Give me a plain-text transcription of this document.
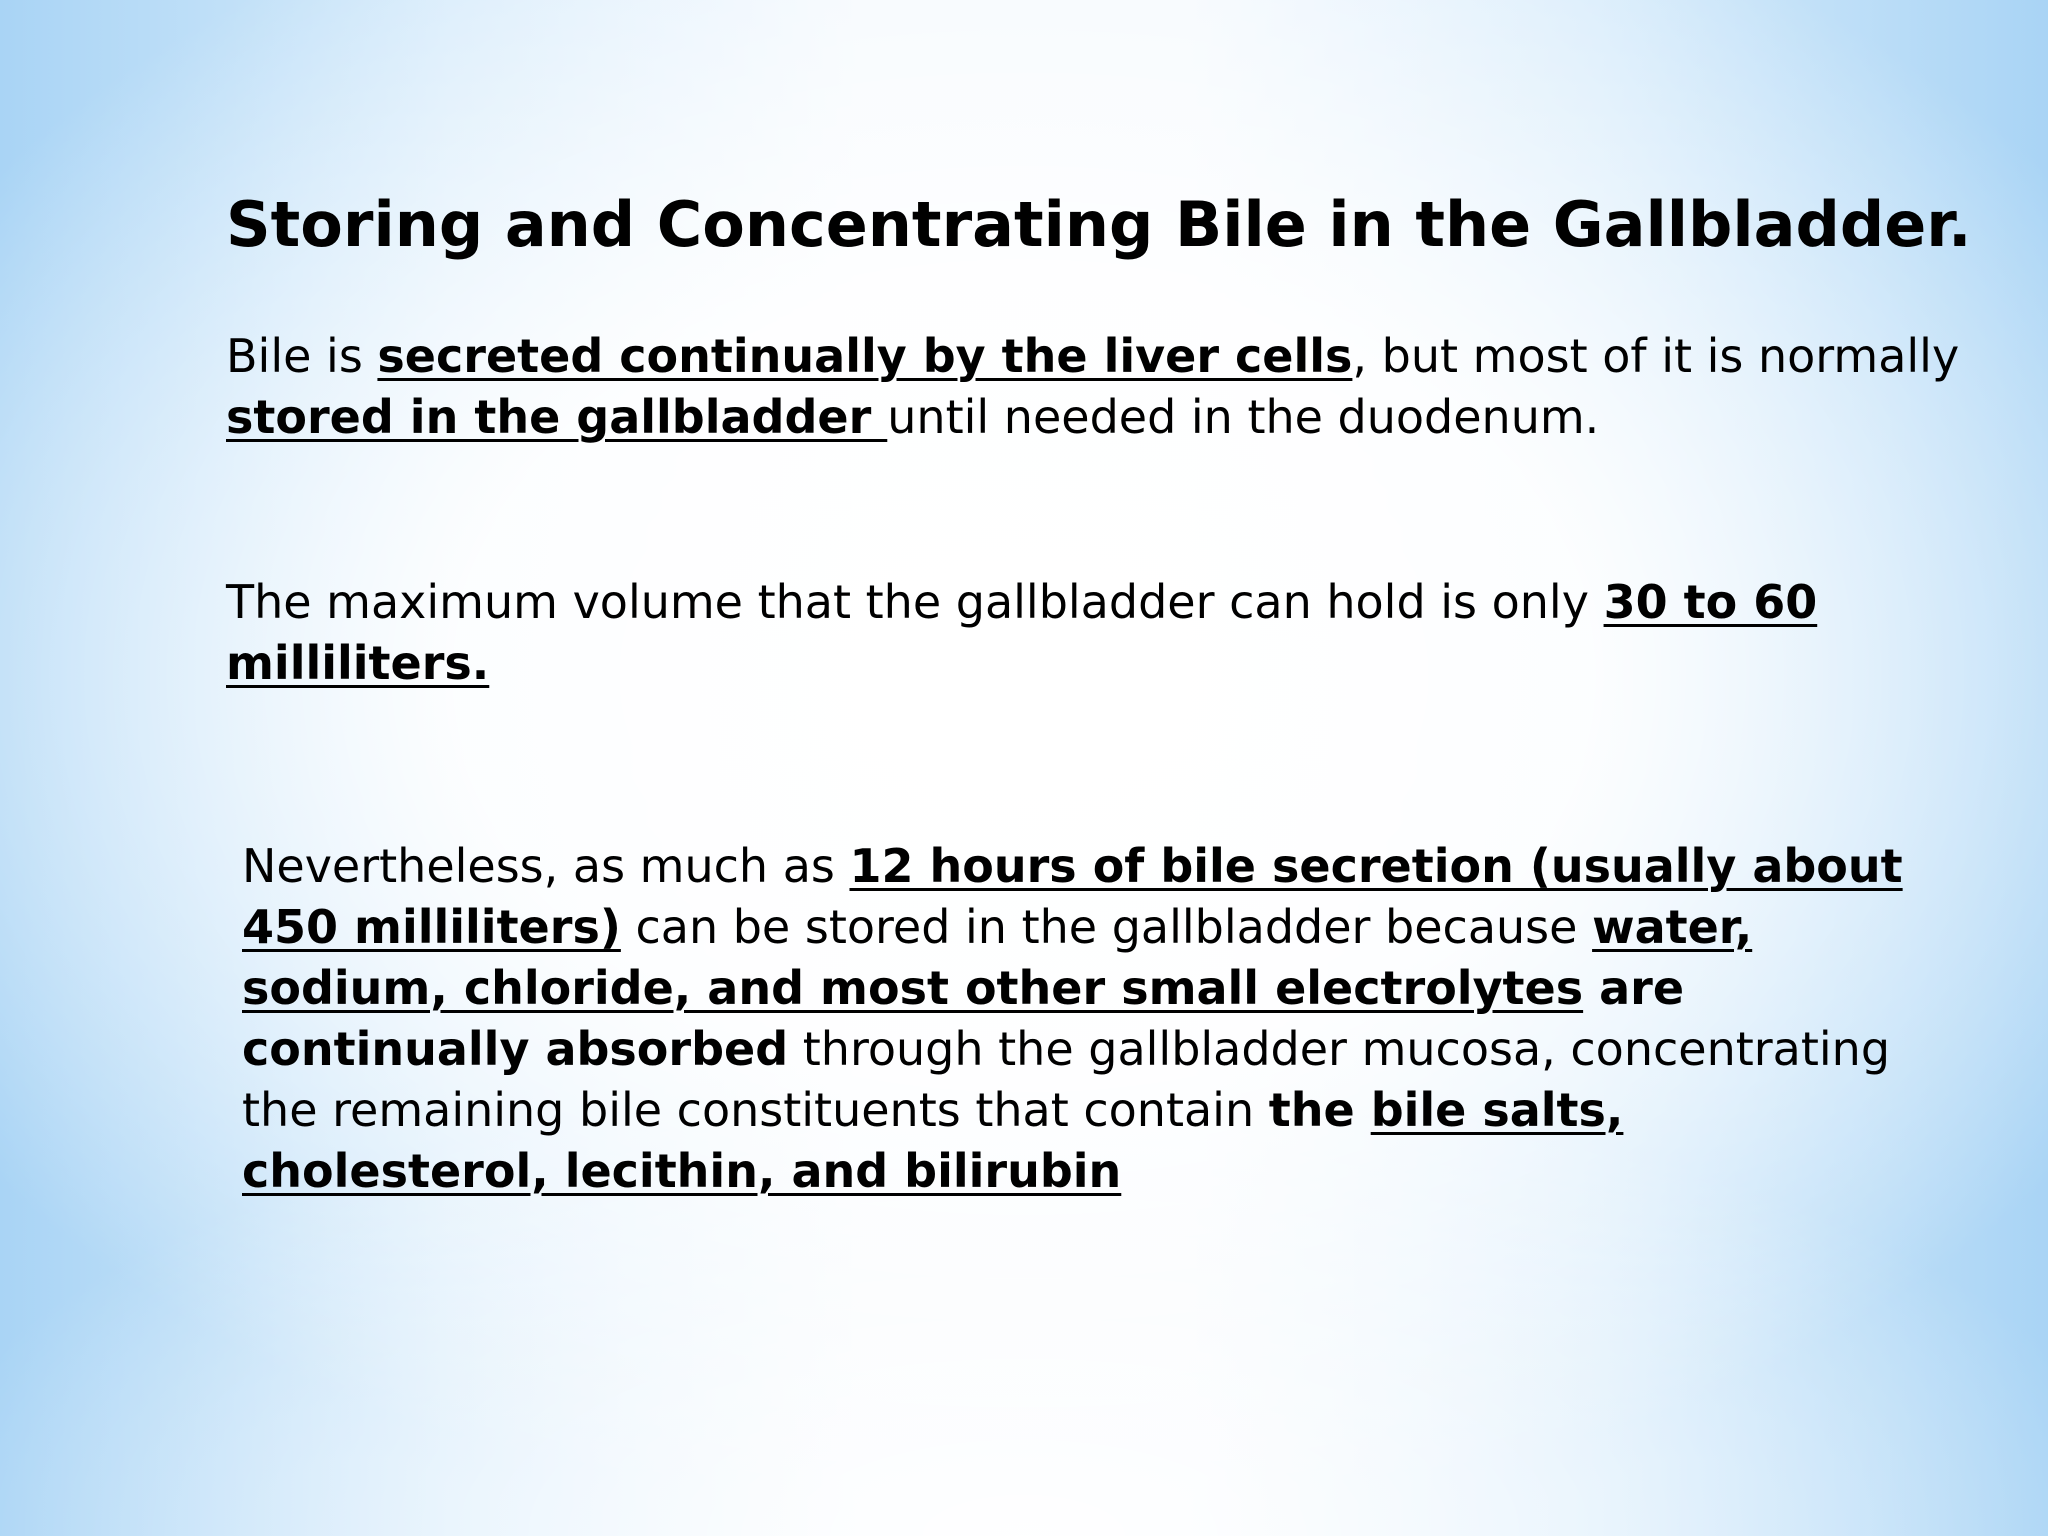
Storing and Concentrating Bile in the Gallbladder.

Bile is secreted continually by the liver cells, but most of it is normally stored in the gallbladder until needed in the duodenum.

The maximum volume that the gallbladder can hold is only 30 to 60 milliliters.

Nevertheless, as much as 12 hours of bile secretion (usually about 450 milliliters) can be stored in the gallbladder because water, sodium, chloride, and most other small electrolytes are continually absorbed through the gallbladder mucosa, concentrating the remaining bile constituents that contain the bile salts, cholesterol, lecithin, and bilirubin
